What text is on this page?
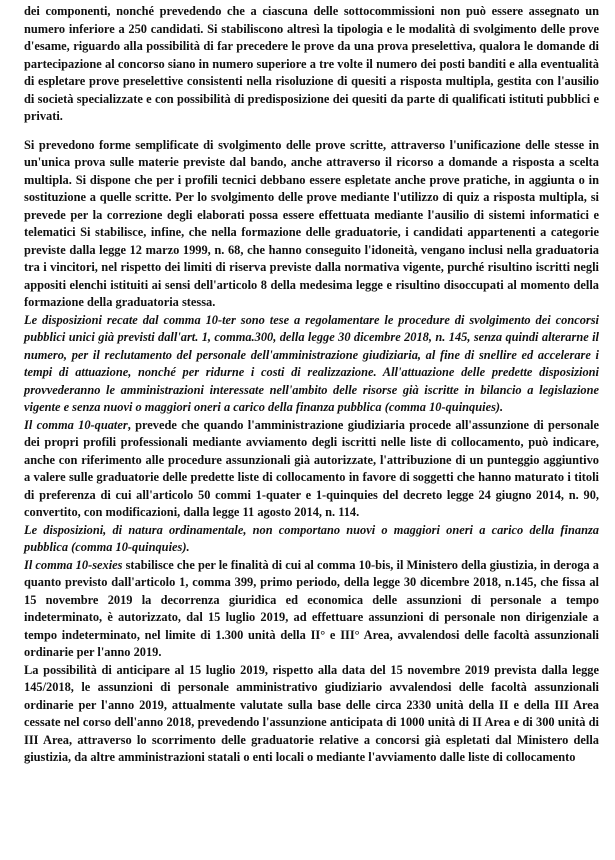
dei componenti, nonché prevedendo che a ciascuna delle sottocommissioni non può essere assegnato un numero inferiore a 250 candidati. Si stabiliscono altresì la tipologia e le modalità di svolgimento delle prove d'esame, riguardo alla possibilità di far precedere le prove da una prova preselettiva, qualora le domande di partecipazione al concorso siano in numero superiore a tre volte il numero dei posti banditi e alla eventualità di espletare prove preselettive consistenti nella risoluzione di quesiti a risposta multipla, gestita con l'ausilio di società specializzate e con possibilità di predisposizione dei quesiti da parte di qualificati istituti pubblici e privati.

Si prevedono forme semplificate di svolgimento delle prove scritte, attraverso l'unificazione delle stesse in un'unica prova sulle materie previste dal bando, anche attraverso il ricorso a domande a risposta a scelta multipla. Si dispone che per i profili tecnici debbano essere espletate anche prove pratiche, in aggiunta o in sostituzione a quelle scritte. Per lo svolgimento delle prove mediante l'utilizzo di quiz a risposta multipla, si prevede per la correzione degli elaborati possa essere effettuata mediante l'ausilio di sistemi informatici e telematici Si stabilisce, infine, che nella formazione delle graduatorie, i candidati appartenenti a categorie previste dalla legge 12 marzo 1999, n. 68, che hanno conseguito l'idoneità, vengano inclusi nella graduatoria tra i vincitori, nel rispetto dei limiti di riserva previste dalla normativa vigente, purché risultino iscritti negli appositi elenchi istituiti ai sensi dell'articolo 8 della medesima legge e risultino disoccupati al momento della formazione della graduatoria stessa.

Le disposizioni recate dal comma 10-ter sono tese a regolamentare le procedure di svolgimento dei concorsi pubblici unici già previsti dall'art. 1, comma.300, della legge 30 dicembre 2018, n. 145, senza quindi alterarne il numero, per il reclutamento del personale dell'amministrazione giudiziaria, al fine di snellire ed accelerare i tempi di attuazione, nonché per ridurne i costi di realizzazione. All'attuazione delle predette disposizioni provvederanno le amministrazioni interessate nell'ambito delle risorse già iscritte in bilancio a legislazione vigente e senza nuovi o maggiori oneri a carico della finanza pubblica (comma 10-quinquies).

Il comma 10-quater, prevede che quando l'amministrazione giudiziaria procede all'assunzione di personale dei propri profili professionali mediante avviamento degli iscritti nelle liste di collocamento, può indicare, anche con riferimento alle procedure assunzionali già autorizzate, l'attribuzione di un punteggio aggiuntivo a valere sulle graduatorie delle predette liste di collocamento in favore di soggetti che hanno maturato i titoli di preferenza di cui all'articolo 50 commi 1-quater e 1-quinquies del decreto legge 24 giugno 2014, n. 90, convertito, con modificazioni, dalla legge 11 agosto 2014, n. 114.

Le disposizioni, di natura ordinamentale, non comportano nuovi o maggiori oneri a carico della finanza pubblica (comma 10-quinquies).

Il comma 10-sexies stabilisce che per le finalità di cui al comma 10-bis, il Ministero della giustizia, in deroga a quanto previsto dall'articolo 1, comma 399, primo periodo, della legge 30 dicembre 2018, n.145, che fissa al 15 novembre 2019 la decorrenza giuridica ed economica delle assunzioni di personale a tempo indeterminato, è autorizzato, dal 15 luglio 2019, ad effettuare assunzioni di personale non dirigenziale a tempo indeterminato, nel limite di 1.300 unità della II° e III° Area, avvalendosi delle facoltà assunzionali ordinarie per l'anno 2019.

La possibilità di anticipare al 15 luglio 2019, rispetto alla data del 15 novembre 2019 prevista dalla legge 145/2018, le assunzioni di personale amministrativo giudiziario avvalendosi delle facoltà assunzionali ordinarie per l'anno 2019, attualmente valutate sulla base delle circa 2330 unità della II e della III Area cessate nel corso dell'anno 2018, prevedendo l'assunzione anticipata di 1000 unità di II Area e di 300 unità di III Area, attraverso lo scorrimento delle graduatorie relative a concorsi già espletati dal Ministero della giustizia, da altre amministrazioni statali o enti locali o mediante l'avviamento dalle liste di collocamento
